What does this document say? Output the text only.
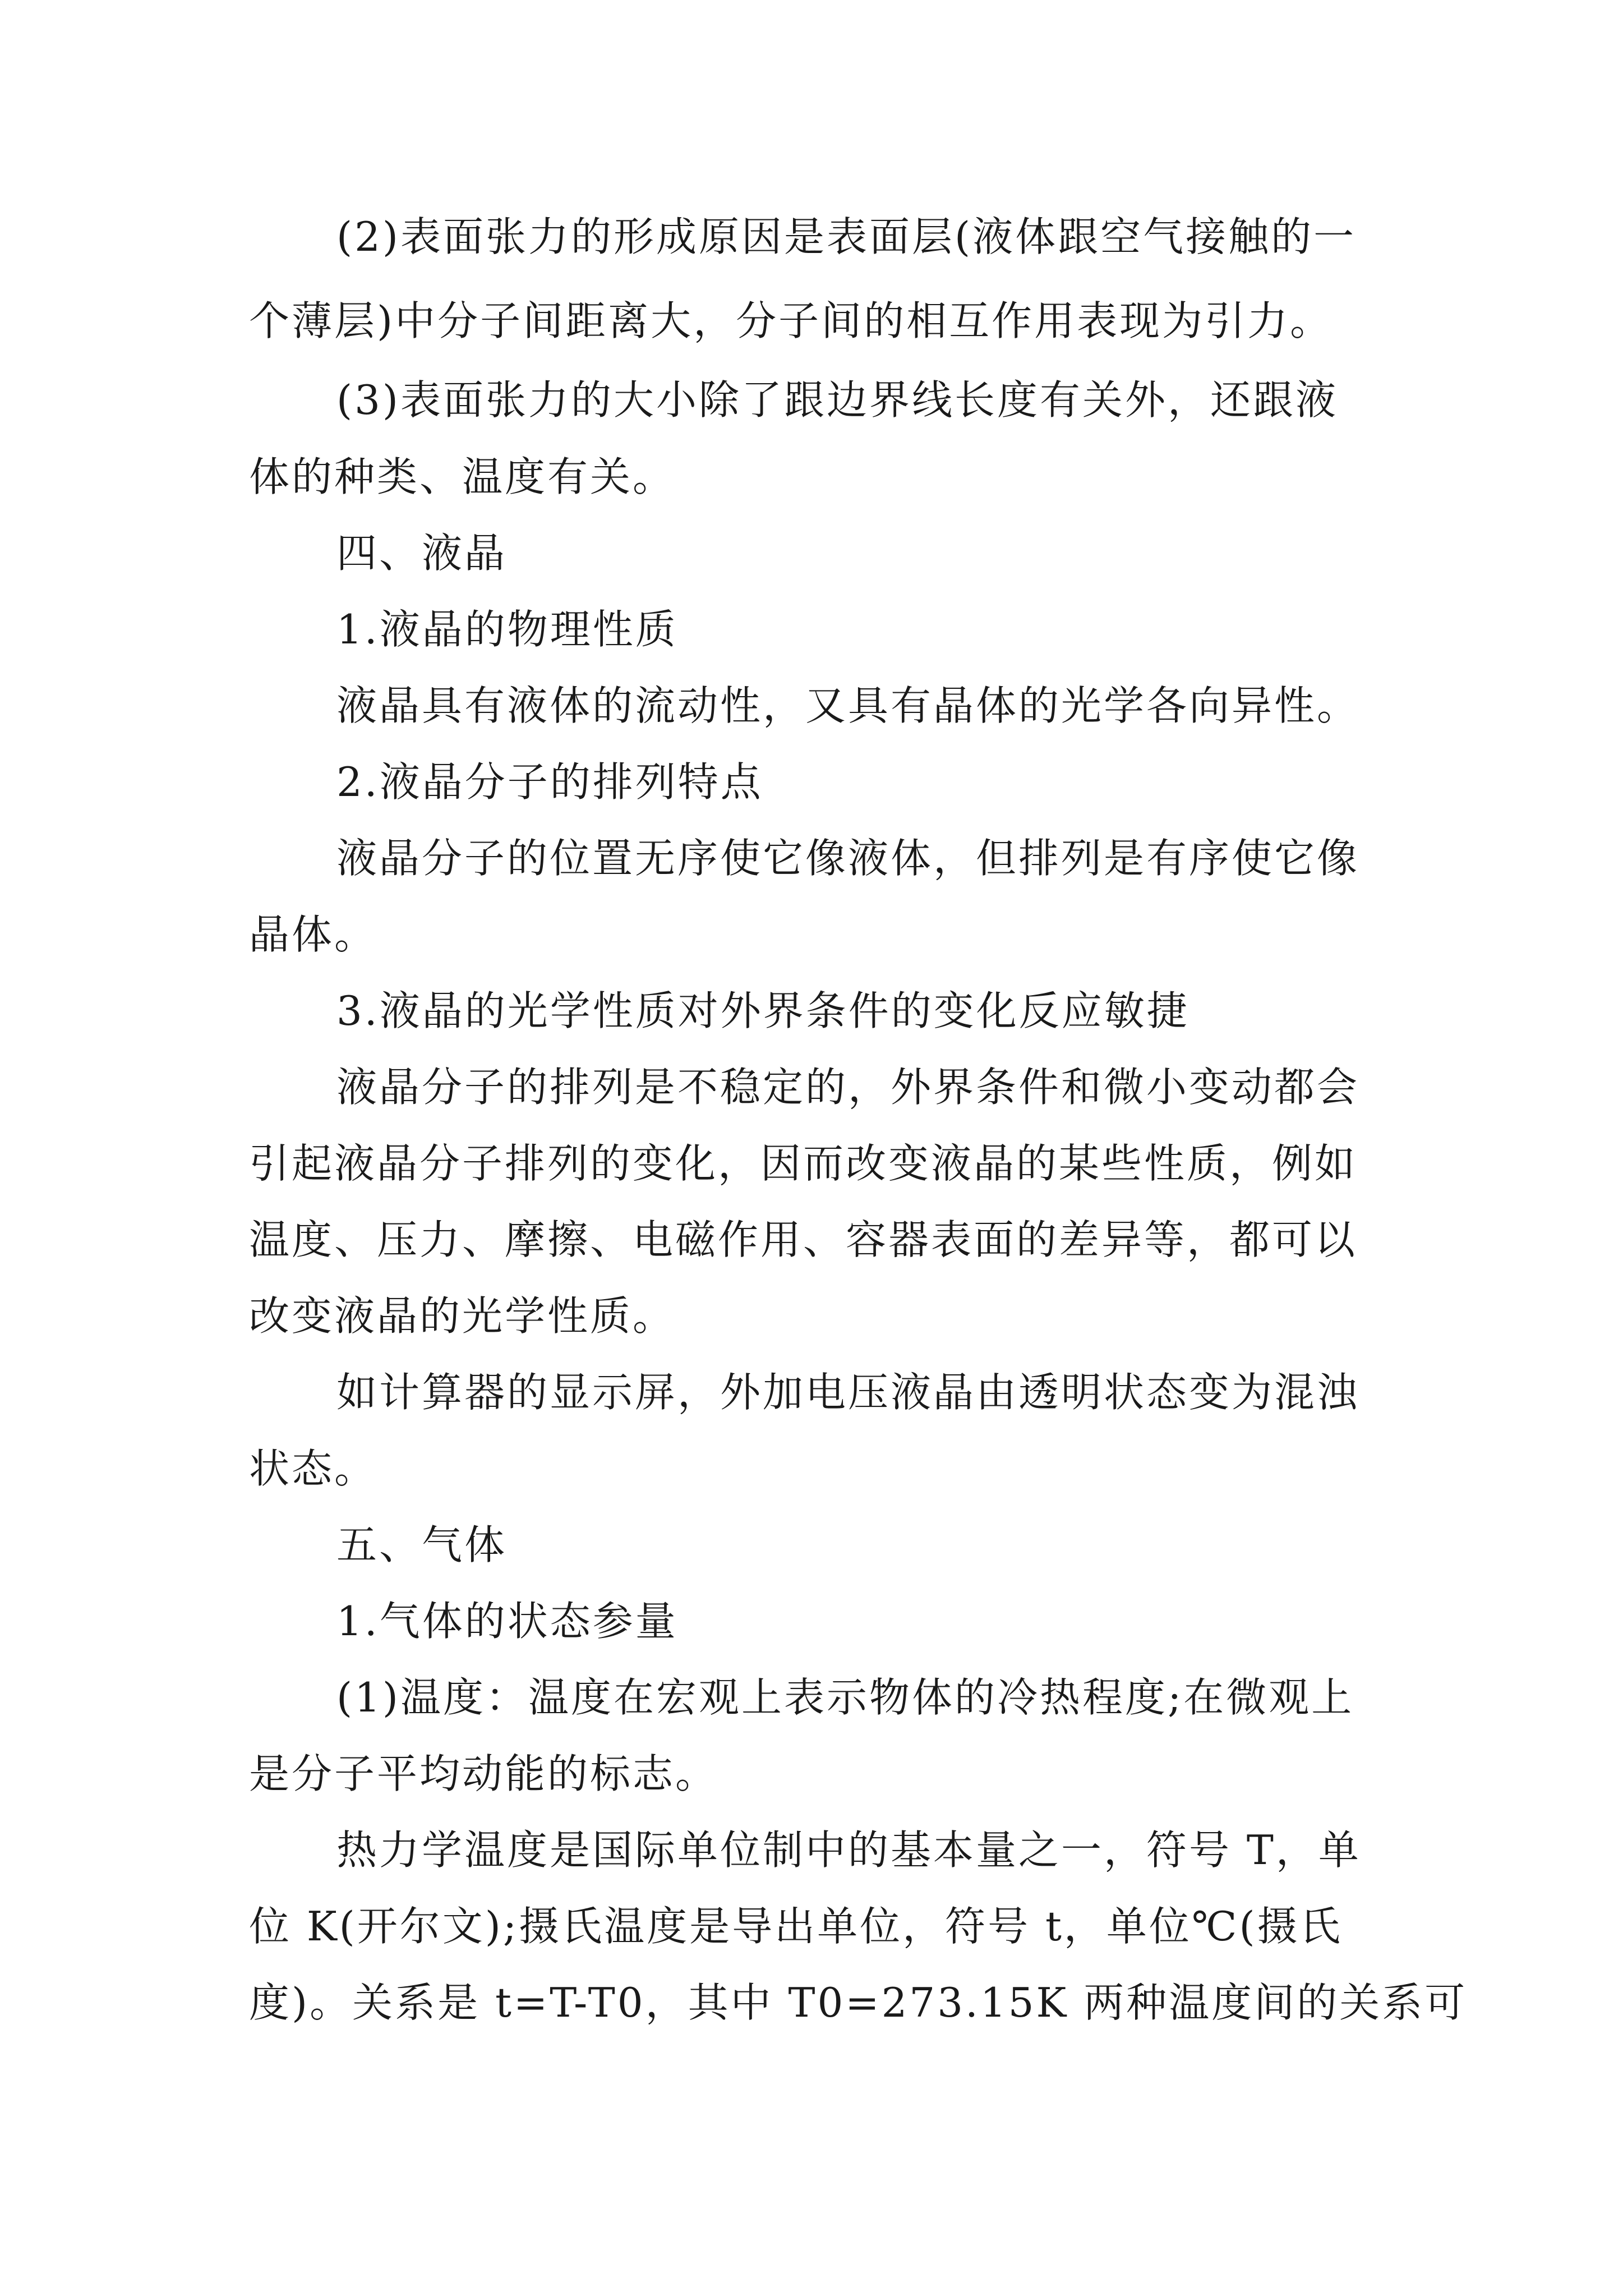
(2)表面张力的形成原因是表面层(液体跟空气接触的一

个薄层)中分子间距离大，分子间的相互作用表现为引力。

(3)表面张力的大小除了跟边界线长度有关外，还跟液

体的种类、温度有关。

四、液晶

1.液晶的物理性质

液晶具有液体的流动性，又具有晶体的光学各向异性。

2.液晶分子的排列特点

液晶分子的位置无序使它像液体，但排列是有序使它像

晶体。

3.液晶的光学性质对外界条件的变化反应敏捷

液晶分子的排列是不稳定的，外界条件和微小变动都会

引起液晶分子排列的变化，因而改变液晶的某些性质，例如

温度、压力、摩擦、电磁作用、容器表面的差异等，都可以

改变液晶的光学性质。

如计算器的显示屏，外加电压液晶由透明状态变为混浊

状态。

五、气体

1.气体的状态参量

(1)温度：温度在宏观上表示物体的冷热程度;在微观上

是分子平均动能的标志。

热力学温度是国际单位制中的基本量之一，符号 T，单

位 K(开尔文);摄氏温度是导出单位，符号 t，单位℃(摄氏

度)。关系是 t=T-T0，其中 T0=273.15K 两种温度间的关系可
